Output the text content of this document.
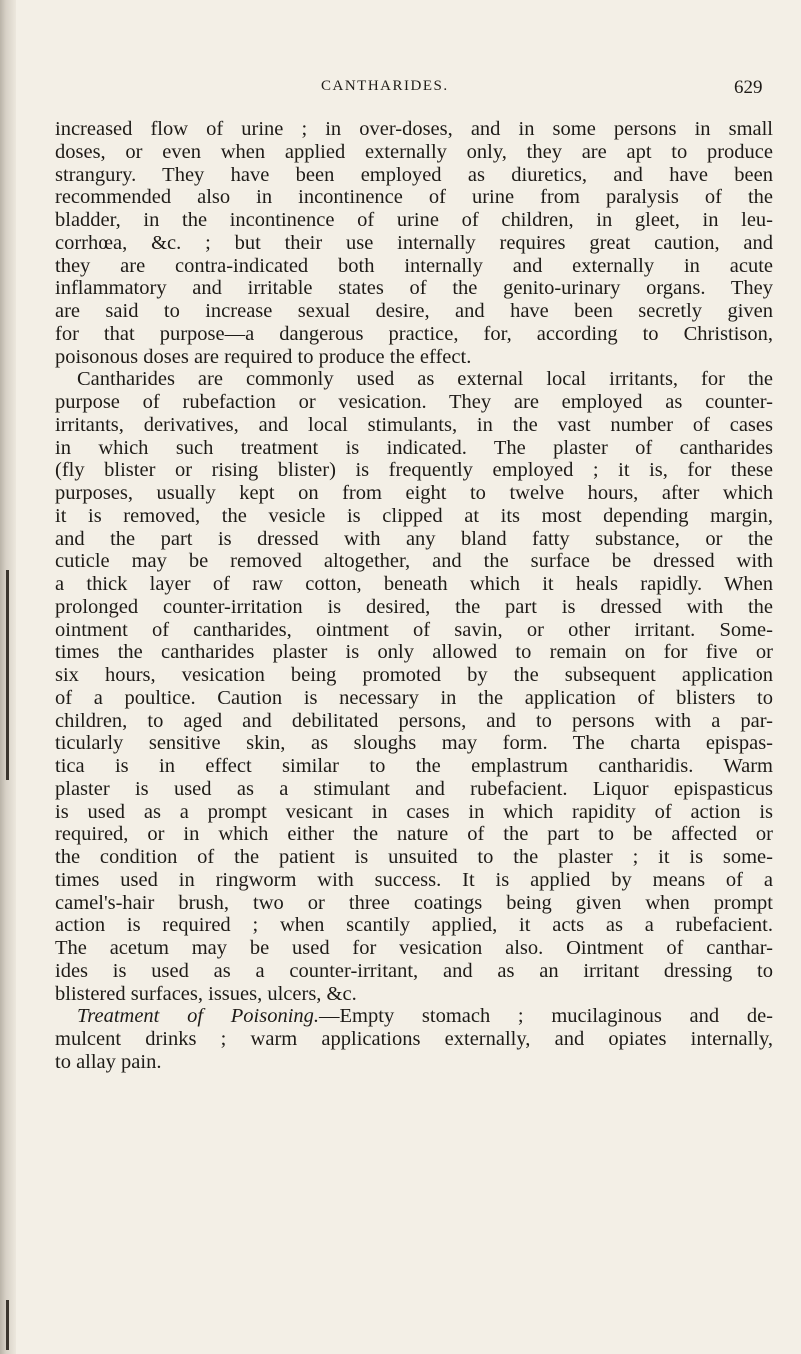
CANTHARIDES.	629
increased flow of urine ; in over-doses, and in some persons in small
doses, or even when applied externally only, they are apt to produce
strangury. They have been employed as diuretics, and have been
recommended also in incontinence of urine from paralysis of the
bladder, in the incontinence of urine of children, in gleet, in leu-
corrhœa, &c. ; but their use internally requires great caution, and
they are contra-indicated both internally and externally in acute
inflammatory and irritable states of the genito-urinary organs. They
are said to increase sexual desire, and have been secretly given
for that purpose—a dangerous practice, for, according to Christison,
poisonous doses are required to produce the effect.
Cantharides are commonly used as external local irritants, for the
purpose of rubefaction or vesication. They are employed as counter-
irritants, derivatives, and local stimulants, in the vast number of cases
in which such treatment is indicated. The plaster of cantharides
(fly blister or rising blister) is frequently employed ; it is, for these
purposes, usually kept on from eight to twelve hours, after which
it is removed, the vesicle is clipped at its most depending margin,
and the part is dressed with any bland fatty substance, or the
cuticle may be removed altogether, and the surface be dressed with
a thick layer of raw cotton, beneath which it heals rapidly. When
prolonged counter-irritation is desired, the part is dressed with the
ointment of cantharides, ointment of savin, or other irritant. Some-
times the cantharides plaster is only allowed to remain on for five or
six hours, vesication being promoted by the subsequent application
of a poultice. Caution is necessary in the application of blisters to
children, to aged and debilitated persons, and to persons with a par-
ticularly sensitive skin, as sloughs may form. The charta epispas-
tica is in effect similar to the emplastrum cantharidis. Warm
plaster is used as a stimulant and rubefacient. Liquor epispasticus
is used as a prompt vesicant in cases in which rapidity of action is
required, or in which either the nature of the part to be affected or
the condition of the patient is unsuited to the plaster ; it is some-
times used in ringworm with success. It is applied by means of a
camel's-hair brush, two or three coatings being given when prompt
action is required ; when scantily applied, it acts as a rubefacient.
The acetum may be used for vesication also. Ointment of canthar-
ides is used as a counter-irritant, and as an irritant dressing to
blistered surfaces, issues, ulcers, &c.
Treatment of Poisoning.—Empty stomach ; mucilaginous and de-
mulcent drinks ; warm applications externally, and opiates internally,
to allay pain.
